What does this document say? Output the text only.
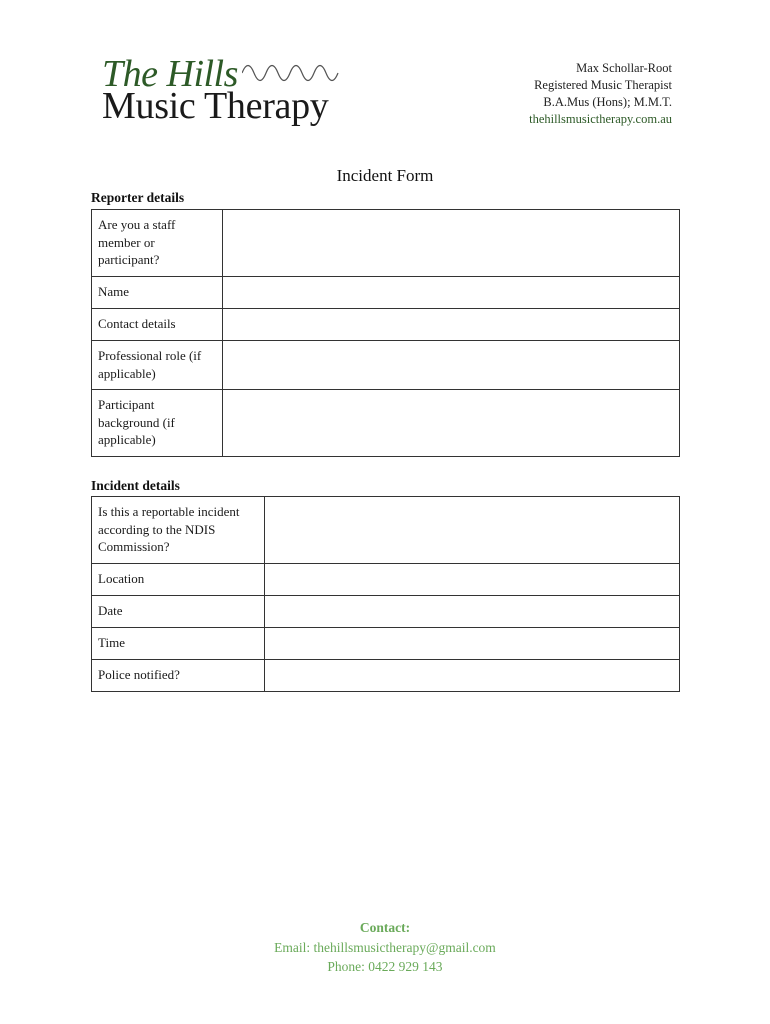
The Hills
Music Therapy
Max Schollar-Root
Registered Music Therapist
B.A.Mus (Hons); M.M.T.
thehillsmusictherapy.com.au
Incident Form
Reporter details
Are you a staff member or participant?	
Name	
Contact details	
Professional role (if applicable)	
Participant background (if applicable)	
Incident details
Is this a reportable incident according to the NDIS Commission?	
Location	
Date	
Time	
Police notified?	
Contact:
Email: thehillsmusictherapy@gmail.com
Phone: 0422 929 143
